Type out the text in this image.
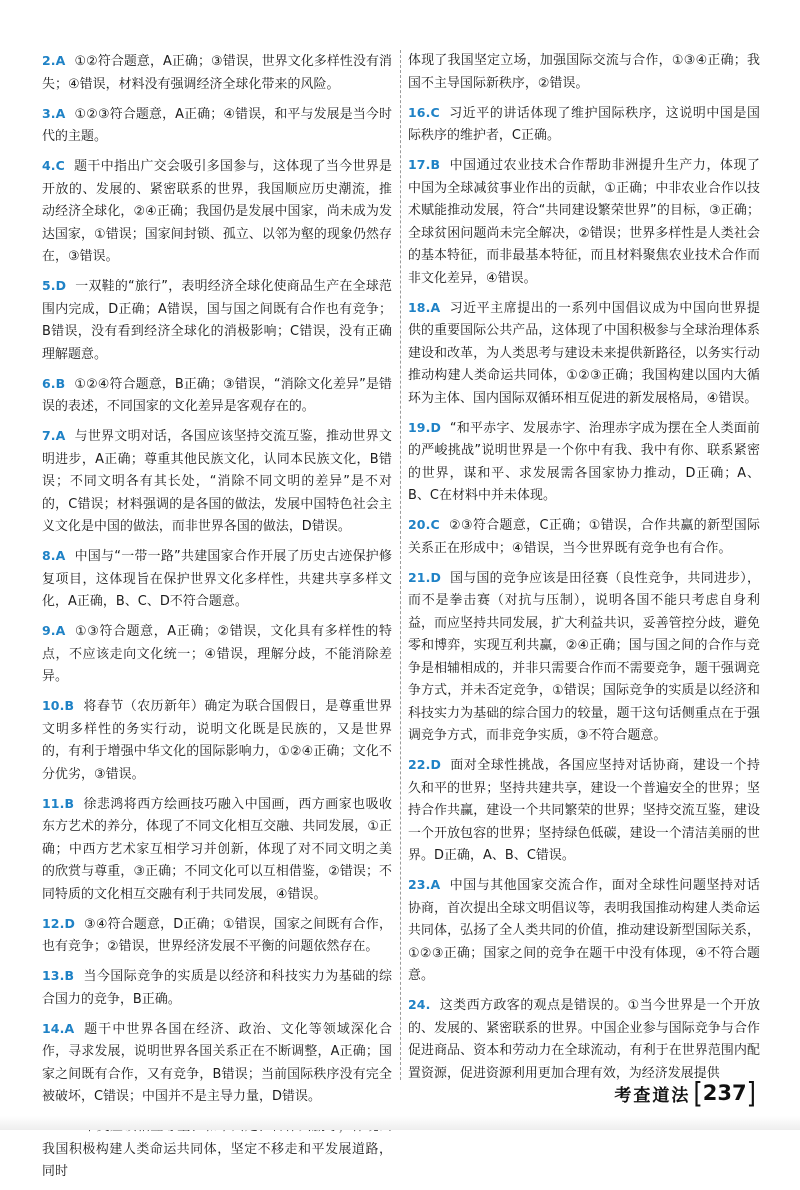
2.A ①②符合题意，A正确；③错误，世界文化多样性没有消失；④错误，材料没有强调经济全球化带来的风险。

3.A ①②③符合题意，A正确；④错误，和平与发展是当今时代的主题。

4.C 题干中指出广交会吸引多国参与，这体现了当今世界是开放的、发展的、紧密联系的世界，我国顺应历史潮流，推动经济全球化，②④正确；我国仍是发展中国家，尚未成为发达国家，①错误；国家间封锁、孤立、以邻为壑的现象仍然存在，③错误。

5.D 一双鞋的“旅行”，表明经济全球化使商品生产在全球范围内完成，D正确；A错误，国与国之间既有合作也有竞争；B错误，没有看到经济全球化的消极影响；C错误，没有正确理解题意。

6.B ①②④符合题意，B正确；③错误，“消除文化差异”是错误的表述，不同国家的文化差异是客观存在的。

7.A 与世界文明对话，各国应该坚持交流互鉴，推动世界文明进步，A正确；尊重其他民族文化，认同本民族文化，B错误；不同文明各有其长处，“消除不同文明的差异”是不对的，C错误；材料强调的是各国的做法，发展中国特色社会主义文化是中国的做法，而非世界各国的做法，D错误。

8.A 中国与“一带一路”共建国家合作开展了历史古迹保护修复项目，这体现旨在保护世界文化多样性，共建共享多样文化，A正确，B、C、D不符合题意。

9.A ①③符合题意，A正确；②错误，文化具有多样性的特点，不应该走向文化统一；④错误，理解分歧，不能消除差异。

10.B 将春节（农历新年）确定为联合国假日，是尊重世界文明多样性的务实行动，说明文化既是民族的，又是世界的，有利于增强中华文化的国际影响力，①②④正确；文化不分优劣，③错误。

11.B 徐悲鸿将西方绘画技巧融入中国画，西方画家也吸收东方艺术的养分，体现了不同文化相互交融、共同发展，①正确；中西方艺术家互相学习并创新，体现了对不同文明之美的欣赏与尊重，③正确；不同文化可以互相借鉴，②错误；不同特质的文化相互交融有利于共同发展，④错误。

12.D ③④符合题意，D正确；①错误，国家之间既有合作，也有竞争；②错误，世界经济发展不平衡的问题依然存在。

13.B 当今国际竞争的实质是以经济和科技实力为基础的综合国力的竞争，B正确。

14.A 题干中世界各国在经济、政治、文化等领域深化合作，寻求发展，说明世界各国关系正在不断调整，A正确；国家之间既有合作，又有竞争，B错误；当前国际秩序没有完全被破坏，C错误；中国并不是主导力量，D错误。

我国积极构建人类命运共同体，坚定不移走和平发展道路，同时

体现了我国坚定立场，加强国际交流与合作，①③④正确；我国不主导国际新秩序，②错误。

16.C 习近平的讲话体现了维护国际秩序，这说明中国是国际秩序的维护者，C正确。

17.B 中国通过农业技术合作帮助非洲提升生产力，体现了中国为全球减贫事业作出的贡献，①正确；中非农业合作以技术赋能推动发展，符合“共同建设繁荣世界”的目标，③正确；全球贫困问题尚未完全解决，②错误；世界多样性是人类社会的基本特征，而非最基本特征，而且材料聚焦农业技术合作而非文化差异，④错误。

18.A 习近平主席提出的一系列中国倡议成为中国向世界提供的重要国际公共产品，这体现了中国积极参与全球治理体系建设和改革，为人类思考与建设未来提供新路径，以务实行动推动构建人类命运共同体，①②③正确；我国构建以国内大循环为主体、国内国际双循环相互促进的新发展格局，④错误。

19.D “和平赤字、发展赤字、治理赤字成为摆在全人类面前的严峻挑战”说明世界是一个你中有我、我中有你、联系紧密的世界，谋和平、求发展需各国家协力推动，D正确；A、B、C在材料中并未体现。

20.C ②③符合题意，C正确；①错误，合作共赢的新型国际关系正在形成中；④错误，当今世界既有竞争也有合作。

21.D 国与国的竞争应该是田径赛（良性竞争，共同进步），而不是拳击赛（对抗与压制），说明各国不能只考虑自身利益，而应坚持共同发展，扩大利益共识，妥善管控分歧，避免零和博弈，实现互利共赢，②④正确；国与国之间的合作与竞争是相辅相成的，并非只需要合作而不需要竞争，题干强调竞争方式，并未否定竞争，①错误；国际竞争的实质是以经济和科技实力为基础的综合国力的较量，题干这句话侧重点在于强调竞争方式，而非竞争实质，③不符合题意。

22.D 面对全球性挑战，各国应坚持对话协商，建设一个持久和平的世界；坚持共建共享，建设一个普遍安全的世界；坚持合作共赢，建设一个共同繁荣的世界；坚持交流互鉴，建设一个开放包容的世界；坚持绿色低碳，建设一个清洁美丽的世界。D正确，A、B、C错误。

23.A 中国与其他国家交流合作，面对全球性问题坚持对话协商，首次提出全球文明倡议等，表明我国推动构建人类命运共同体，弘扬了全人类共同的价值，推动建设新型国际关系，①②③正确；国家之间的竞争在题干中没有体现，④不符合题意。

24. 这类西方政客的观点是错误的。①当今世界是一个开放的、发展的、紧密联系的世界。中国企业参与国际竞争与合作促进商品、资本和劳动力在全球流动，有利于在世界范围内配置资源，促进资源利用更加合理有效，为经济发展提供

考查道法 [ 237 ]
